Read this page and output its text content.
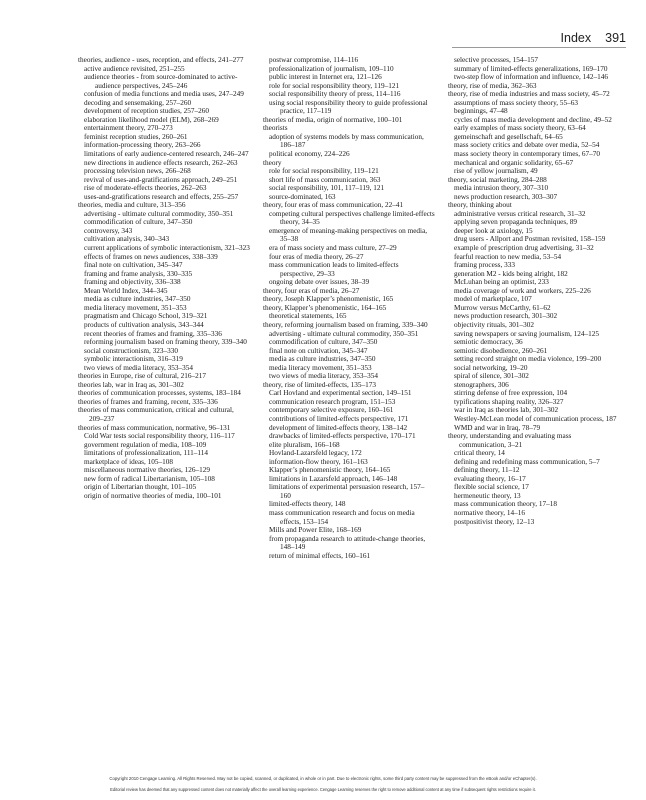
Index 391
theories, audience - uses, reception, and effects, 241–277
active audience revisited, 251–255
audience theories - from source-dominated to active-audience perspectives, 245–246
confusion of media functions and media uses, 247–249
decoding and sensemaking, 257–260
development of reception studies, 257–260
elaboration likelihood model (ELM), 268–269
entertainment theory, 270–273
feminist reception studies, 260–261
information-processing theory, 263–266
limitations of early audience-centered research, 246–247
new directions in audience effects research, 262–263
processing television news, 266–268
revival of uses-and-gratifications approach, 249–251
rise of moderate-effects theories, 262–263
uses-and-gratifications research and effects, 255–257
theories, media and culture, 313–356
advertising - ultimate cultural commodity, 350–351
commodification of culture, 347–350
controversy, 343
cultivation analysis, 340–343
current applications of symbolic interactionism, 321–323
effects of frames on news audiences, 338–339
final note on cultivation, 345–347
framing and frame analysis, 330–335
framing and objectivity, 336–338
Mean World Index, 344–345
media as culture industries, 347–350
media literacy movement, 351–353
pragmatism and Chicago School, 319–321
products of cultivation analysis, 343–344
recent theories of frames and framing, 335–336
reforming journalism based on framing theory, 339–340
social constructionism, 323–330
symbolic interactionism, 316–319
two views of media literacy, 353–354
theories in Europe, rise of cultural, 216–217
theories lab, war in Iraq as, 301–302
theories of communication processes, systems, 183–184
theories of frames and framing, recent, 335–336
theories of mass communication, critical and cultural, 209–237
theories of mass communication, normative, 96–131
Cold War tests social responsibility theory, 116–117
government regulation of media, 108–109
limitations of professionalization, 111–114
marketplace of ideas, 105–108
miscellaneous normative theories, 126–129
new form of radical Libertarianism, 105–108
origin of Libertarian thought, 101–105
origin of normative theories of media, 100–101
postwar compromise, 114–116
professionalization of journalism, 109–110
public interest in Internet era, 121–126
role for social responsibility theory, 119–121
social responsibility theory of press, 114–116
using social responsibility theory to guide professional practice, 117–119
theories of media, origin of normative, 100–101
theorists
adoption of systems models by mass communication, 186–187
political economy, 224–226
theory
role for social responsibility, 119–121
short life of mass communication, 363
social responsibility, 101, 117–119, 121
source-dominated, 163
theory, four eras of mass communication, 22–41
competing cultural perspectives challenge limited-effects theory, 34–35
emergence of meaning-making perspectives on media, 35–38
era of mass society and mass culture, 27–29
four eras of media theory, 26–27
mass communication leads to limited-effects perspective, 29–33
ongoing debate over issues, 38–39
theory, four eras of media, 26–27
theory, Joseph Klapper’s phenomenistic, 165
theory, Klapper’s phenomenistic, 164–165
theoretical statements, 165
theory, reforming journalism based on framing, 339–340
advertising - ultimate cultural commodity, 350–351
commodification of culture, 347–350
final note on cultivation, 345–347
media as culture industries, 347–350
media literacy movement, 351–353
two views of media literacy, 353–354
theory, rise of limited-effects, 135–173
Carl Hovland and experimental section, 149–151
communication research program, 151–153
contemporary selective exposure, 160–161
contributions of limited-effects perspective, 171
development of limited-effects theory, 138–142
drawbacks of limited-effects perspective, 170–171
elite pluralism, 166–168
Hovland-Lazarsfeld legacy, 172
information-flow theory, 161–163
Klapper’s phenomenistic theory, 164–165
limitations in Lazarsfeld approach, 146–148
limitations of experimental persuasion research, 157–160
limited-effects theory, 148
mass communication research and focus on media effects, 153–154
Mills and Power Elite, 168–169
from propaganda research to attitude-change theories, 148–149
return of minimal effects, 160–161
selective processes, 154–157
summary of limited-effects generalizations, 169–170
two-step flow of information and influence, 142–146
theory, rise of media, 362–363
theory, rise of media industries and mass society, 45–72
assumptions of mass society theory, 55–63
beginnings, 47–48
cycles of mass media development and decline, 49–52
early examples of mass society theory, 63–64
gemeinschaft and gesellschaft, 64–65
mass society critics and debate over media, 52–54
mass society theory in contemporary times, 67–70
mechanical and organic solidarity, 65–67
rise of yellow journalism, 49
theory, social marketing, 284–288
media intrusion theory, 307–310
news production research, 303–307
theory, thinking about
administrative versus critical research, 31–32
applying seven propaganda techniques, 89
deeper look at axiology, 15
drug users - Allport and Postman revisited, 158–159
example of prescription drug advertising, 31–32
fearful reaction to new media, 53–54
framing process, 333
generation M2 - kids being alright, 182
McLuhan being an optimist, 233
media coverage of work and workers, 225–226
model of marketplace, 107
Murrow versus McCarthy, 61–62
news production research, 301–302
objectivity rituals, 301–302
saving newspapers or saving journalism, 124–125
semiotic democracy, 36
semiotic disobedience, 260–261
setting record straight on media violence, 199–200
social networking, 19–20
spiral of silence, 301–302
stenographers, 306
stirring defense of free expression, 104
typifications shaping reality, 326–327
war in Iraq as theories lab, 301–302
Westley-McLean model of communication process, 187
WMD and war in Iraq, 78–79
theory, understanding and evaluating mass communication, 3–21
critical theory, 14
defining and redefining mass communication, 5–7
defining theory, 11–12
evaluating theory, 16–17
flexible social science, 17
hermeneutic theory, 13
mass communication theory, 17–18
normative theory, 14–16
postpositivist theory, 12–13
Copyright 2010 Cengage Learning. All Rights Reserved. May not be copied, scanned, or duplicated, in whole or in part. Due to electronic rights, some third party content may be suppressed from the eBook and/or eChapter(s).
Editorial review has deemed that any suppressed content does not materially affect the overall learning experience. Cengage Learning reserves the right to remove additional content at any time if subsequent rights restrictions require it.
